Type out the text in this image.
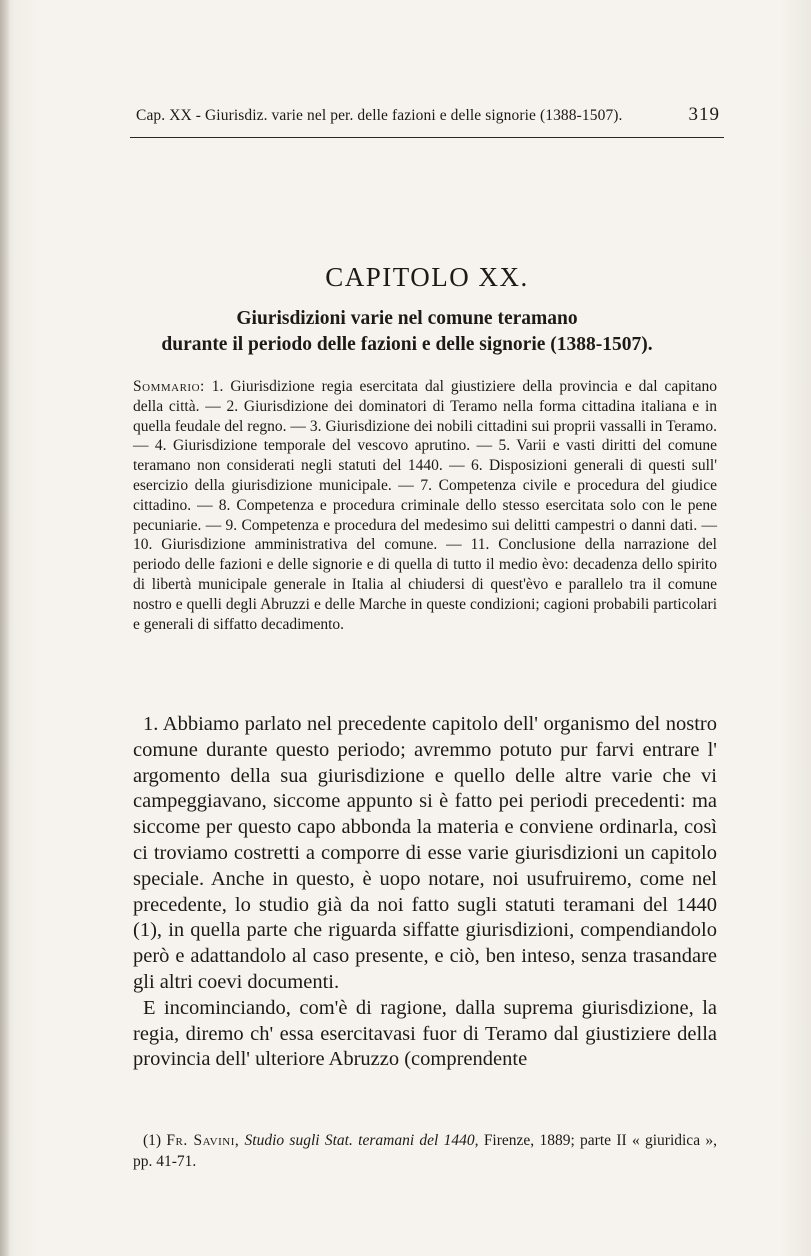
Cap. XX - Giurisdiz. varie nel per. delle fazioni e delle signorie (1388-1507).	319
CAPITOLO XX.
Giurisdizioni varie nel comune teramano
durante il periodo delle fazioni e delle signorie (1388-1507).
Sommario: 1. Giurisdizione regia esercitata dal giustiziere della provincia e dal capitano della città. — 2. Giurisdizione dei dominatori di Teramo nella forma cittadina italiana e in quella feudale del regno. — 3. Giurisdizione dei nobili cittadini sui proprii vassalli in Teramo. — 4. Giurisdizione temporale del vescovo aprutino. — 5. Varii e vasti diritti del comune teramano non considerati negli statuti del 1440. — 6. Disposizioni generali di questi sull' esercizio della giurisdizione municipale. — 7. Competenza civile e procedura del giudice cittadino. — 8. Competenza e procedura criminale dello stesso esercitata solo con le pene pecuniarie. — 9. Competenza e procedura del medesimo sui delitti campestri o danni dati. — 10. Giurisdizione amministrativa del comune. — 11. Conclusione della narrazione del periodo delle fazioni e delle signorie e di quella di tutto il medio èvo: decadenza dello spirito di libertà municipale generale in Italia al chiudersi di quest'èvo e parallelo tra il comune nostro e quelli degli Abruzzi e delle Marche in queste condizioni; cagioni probabili particolari e generali di siffatto decadimento.

1. Abbiamo parlato nel precedente capitolo dell' organismo del nostro comune durante questo periodo; avremmo potuto pur farvi entrare l' argomento della sua giurisdizione e quello delle altre varie che vi campeggiavano, siccome appunto si è fatto pei periodi precedenti: ma siccome per questo capo abbonda la materia e conviene ordinarla, così ci troviamo costretti a comporre di esse varie giurisdizioni un capitolo speciale. Anche in questo, è uopo notare, noi usufruiremo, come nel precedente, lo studio già da noi fatto sugli statuti teramani del 1440 (1), in quella parte che riguarda siffatte giurisdizioni, compendiandolo però e adattandolo al caso presente, e ciò, ben inteso, senza trasandare gli altri coevi documenti.

E incominciando, com'è di ragione, dalla suprema giurisdizione, la regia, diremo ch' essa esercitavasi fuor di Teramo dal giustiziere della provincia dell' ulteriore Abruzzo (comprendente

(1) Fr. Savini, Studio sugli Stat. teramani del 1440, Firenze, 1889; parte II « giuridica », pp. 41-71.
